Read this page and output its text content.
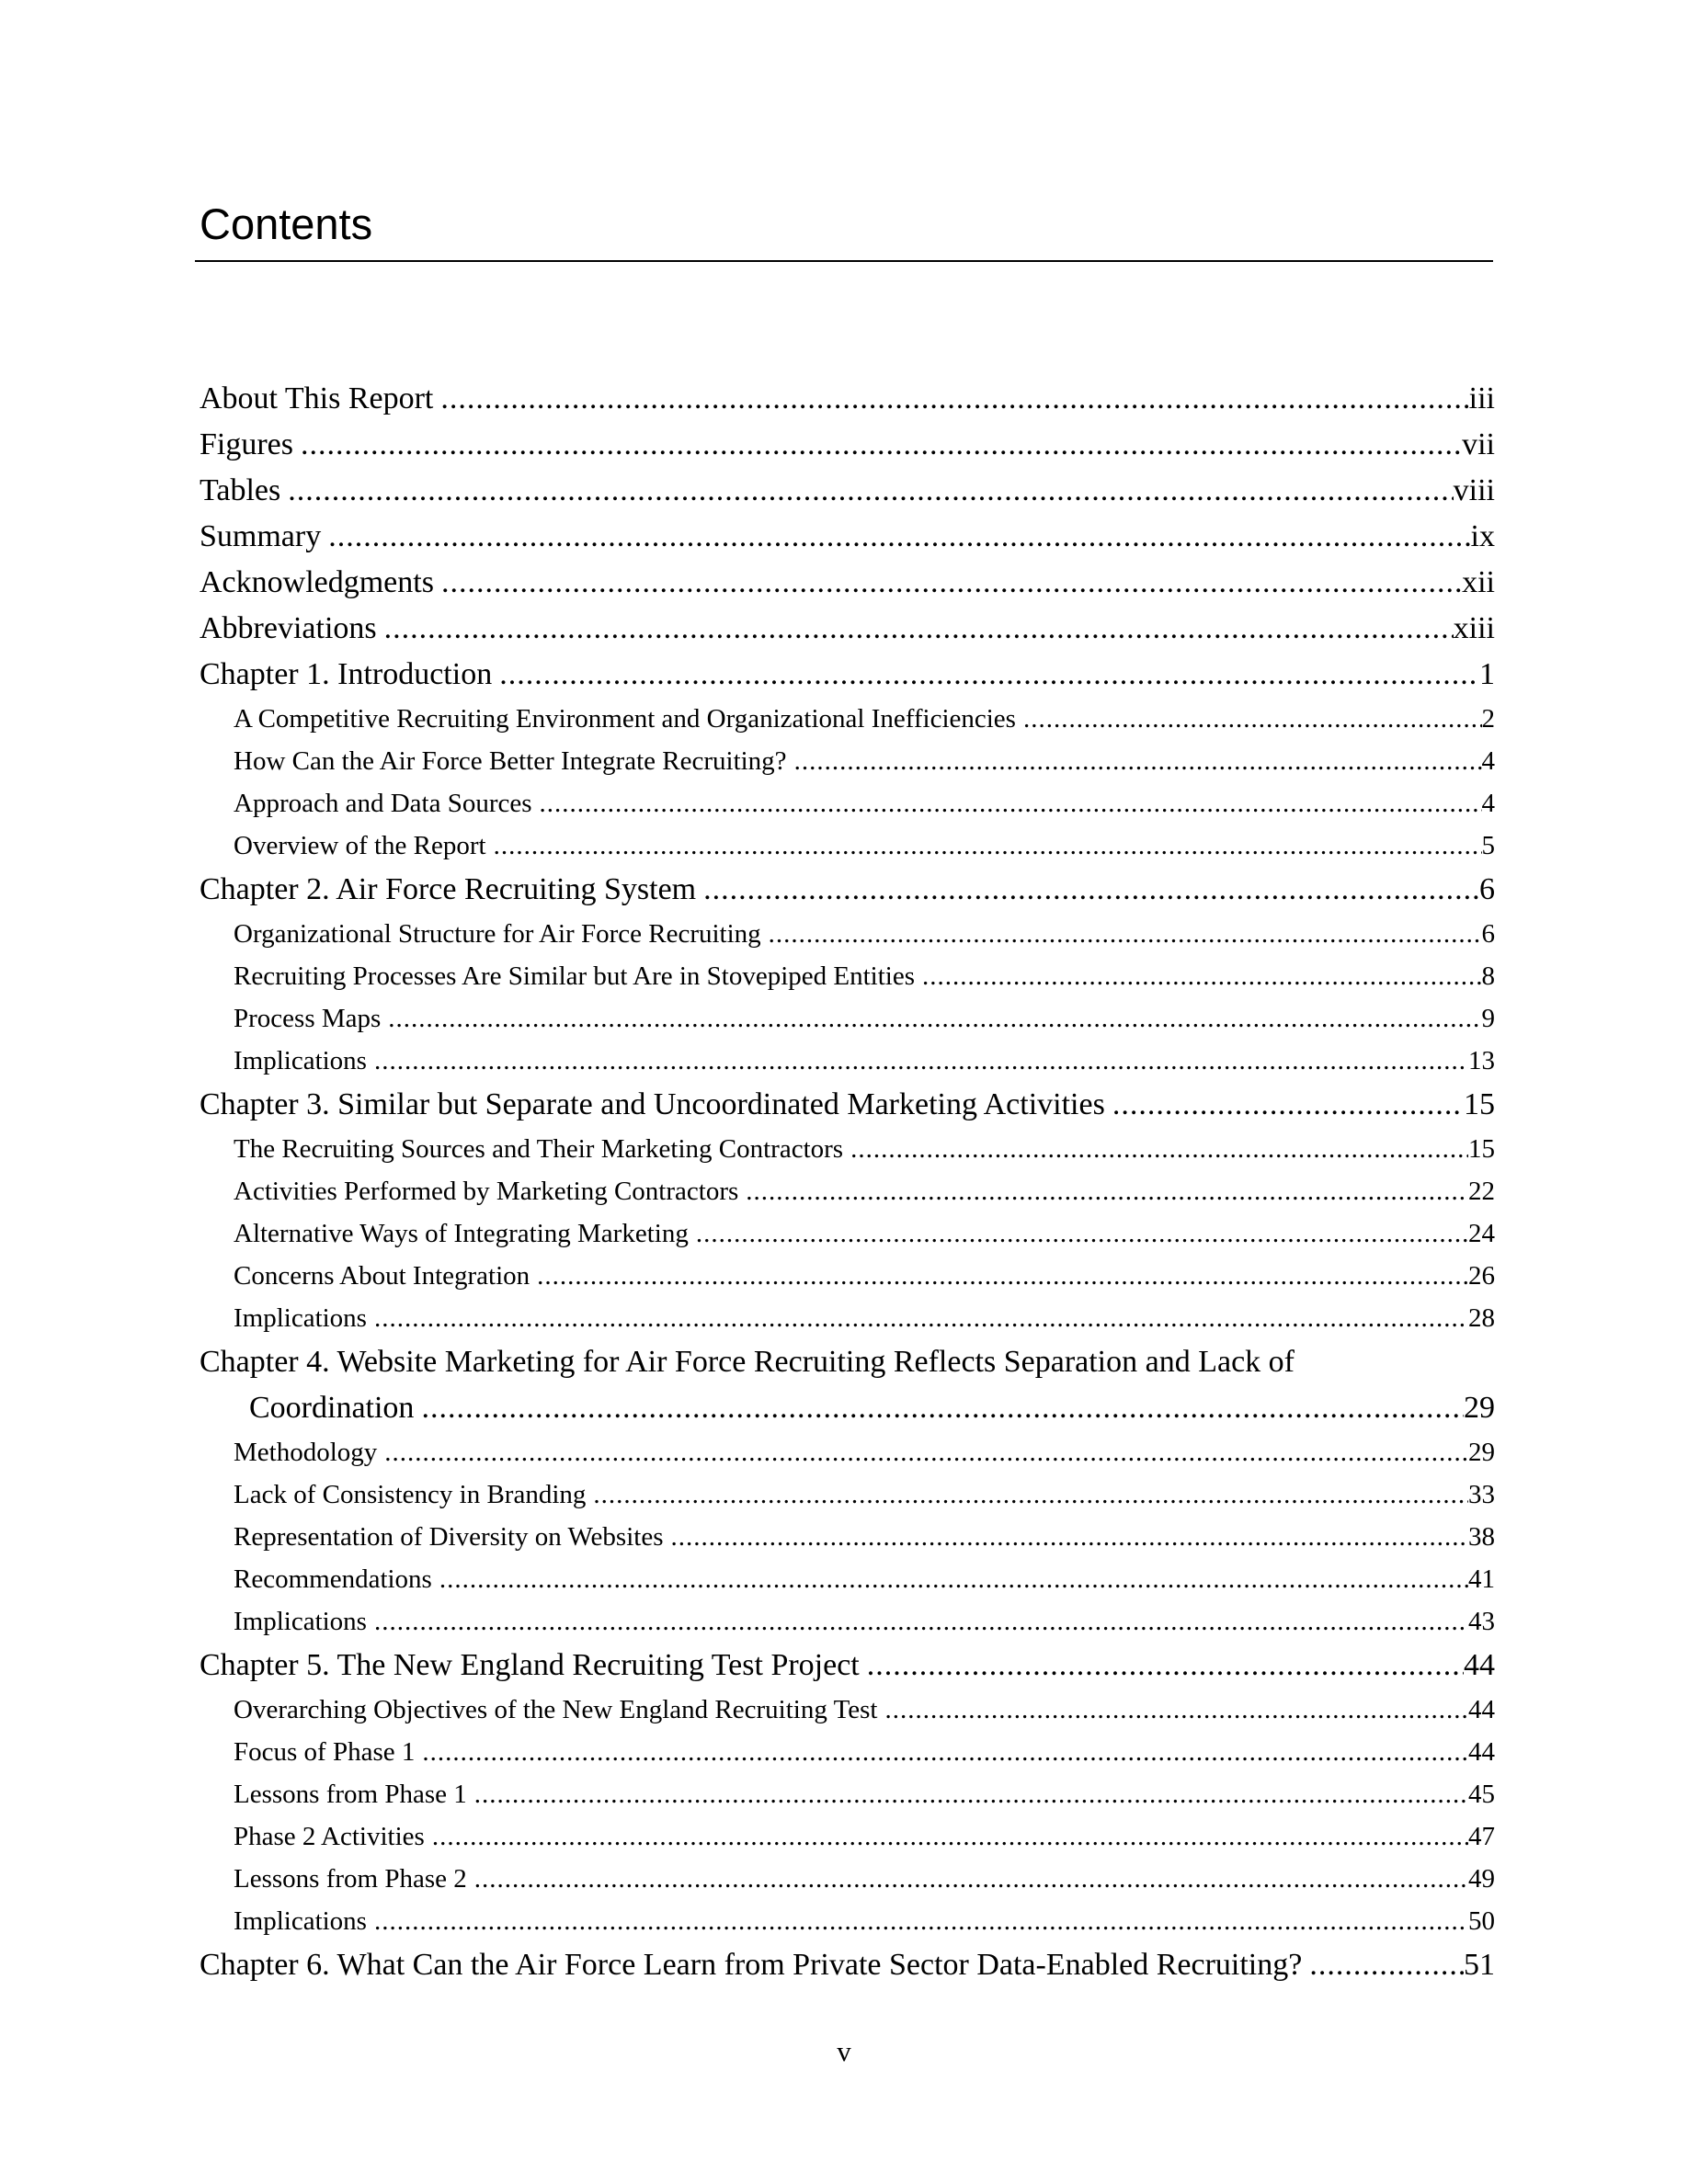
Contents
About This Report .....	iii
Figures .....	vii
Tables .....	viii
Summary .....	ix
Acknowledgments .....	xii
Abbreviations .....	xiii
Chapter 1. Introduction .....	1
A Competitive Recruiting Environment and Organizational Inefficiencies .....	2
How Can the Air Force Better Integrate Recruiting? .....	4
Approach and Data Sources .....	4
Overview of the Report .....	5
Chapter 2. Air Force Recruiting System .....	6
Organizational Structure for Air Force Recruiting .....	6
Recruiting Processes Are Similar but Are in Stovepiped Entities .....	8
Process Maps .....	9
Implications .....	13
Chapter 3. Similar but Separate and Uncoordinated Marketing Activities .....	15
The Recruiting Sources and Their Marketing Contractors .....	15
Activities Performed by Marketing Contractors .....	22
Alternative Ways of Integrating Marketing .....	24
Concerns About Integration .....	26
Implications .....	28
Chapter 4. Website Marketing for Air Force Recruiting Reflects Separation and Lack of
Coordination .....	29
Methodology .....	29
Lack of Consistency in Branding .....	33
Representation of Diversity on Websites .....	38
Recommendations .....	41
Implications .....	43
Chapter 5. The New England Recruiting Test Project .....	44
Overarching Objectives of the New England Recruiting Test .....	44
Focus of Phase 1 .....	44
Lessons from Phase 1 .....	45
Phase 2 Activities .....	47
Lessons from Phase 2 .....	49
Implications .....	50
Chapter 6. What Can the Air Force Learn from Private Sector Data-Enabled Recruiting? .....	51
v
